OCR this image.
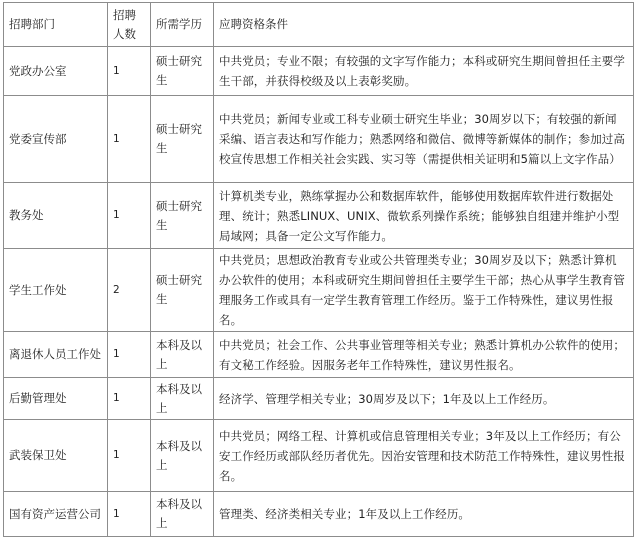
招聘部门	招聘人数	所需学历	应聘资格条件
党政办公室	1	硕士研究生	中共党员；专业不限；有较强的文字写作能力；本科或研究生期间曾担任主要学生干部，并获得校级及以上表彰奖励。
党委宣传部	1	硕士研究生	中共党员；新闻专业或工科专业硕士研究生毕业；30周岁以下；有较强的新闻采编、语言表达和写作能力；熟悉网络和微信、微博等新媒体的制作；参加过高校宣传思想工作相关社会实践、实习等（需提供相关证明和5篇以上文字作品）
教务处	1	硕士研究生	计算机类专业，熟练掌握办公和数据库软件，能够使用数据库软件进行数据处理、统计；熟悉LINUX、UNIX、微软系列操作系统；能够独自组建并维护小型局域网；具备一定公文写作能力。
学生工作处	2	硕士研究生	中共党员；思想政治教育专业或公共管理类专业；30周岁及以下；熟悉计算机办公软件的使用；本科或研究生期间曾担任主要学生干部；热心从事学生教育管理服务工作或具有一定学生教育管理工作经历。鉴于工作特殊性，建议男性报名。
离退休人员工作处	1	本科及以上	中共党员；社会工作、公共事业管理等相关专业；熟悉计算机办公软件的使用；有文秘工作经验。因服务老年工作特殊性，建议男性报名。
后勤管理处	1	本科及以上	经济学、管理学相关专业；30周岁及以下；1年及以上工作经历。
武装保卫处	1	本科及以上	中共党员；网络工程、计算机或信息管理相关专业；3年及以上工作经历；有公安工作经历或部队经历者优先。因治安管理和技术防范工作特殊性，建议男性报名。
国有资产运营公司	1	本科及以上	管理类、经济类相关专业；1年及以上工作经历。
